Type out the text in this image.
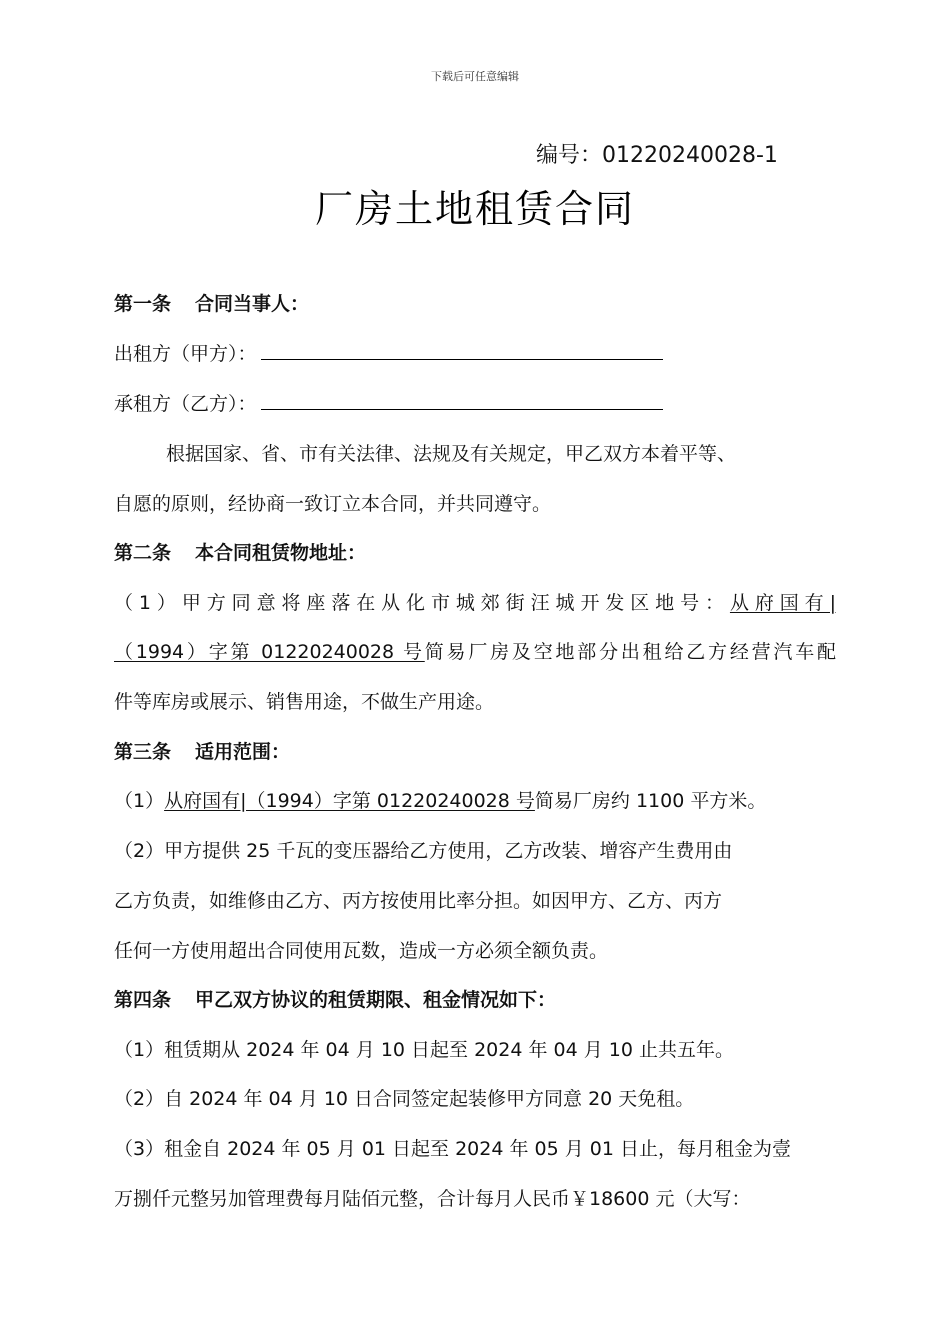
下载后可任意编辑
编号：01220240028-1
厂房土地租赁合同
第一条 合同当事人：
出租方（甲方）：
承租方（乙方）：
根据国家、省、市有关法律、法规及有关规定，甲乙双方本着平等、
自愿的原则，经协商一致订立本合同，并共同遵守。
第二条 本合同租赁物地址：
（1）甲方同意将座落在从化市城郊街汪城开发区地号：从府国有|
（1994）字第 01220240028 号简易厂房及空地部分出租给乙方经营汽车配
件等库房或展示、销售用途，不做生产用途。
第三条 适用范围：
（1）从府国有|（1994）字第 01220240028 号简易厂房约 1100 平方米。
（2）甲方提供 25 千瓦的变压器给乙方使用，乙方改装、增容产生费用由
乙方负责，如维修由乙方、丙方按使用比率分担。如因甲方、乙方、丙方
任何一方使用超出合同使用瓦数，造成一方必须全额负责。
第四条 甲乙双方协议的租赁期限、租金情况如下：
（1）租赁期从 2024 年 04 月 10 日起至 2024 年 04 月 10 止共五年。
（2）自 2024 年 04 月 10 日合同签定起装修甲方同意 20 天免租。
（3）租金自 2024 年 05 月 01 日起至 2024 年 05 月 01 日止，每月租金为壹
万捌仟元整另加管理费每月陆佰元整，合计每月人民币￥18600 元（大写：
